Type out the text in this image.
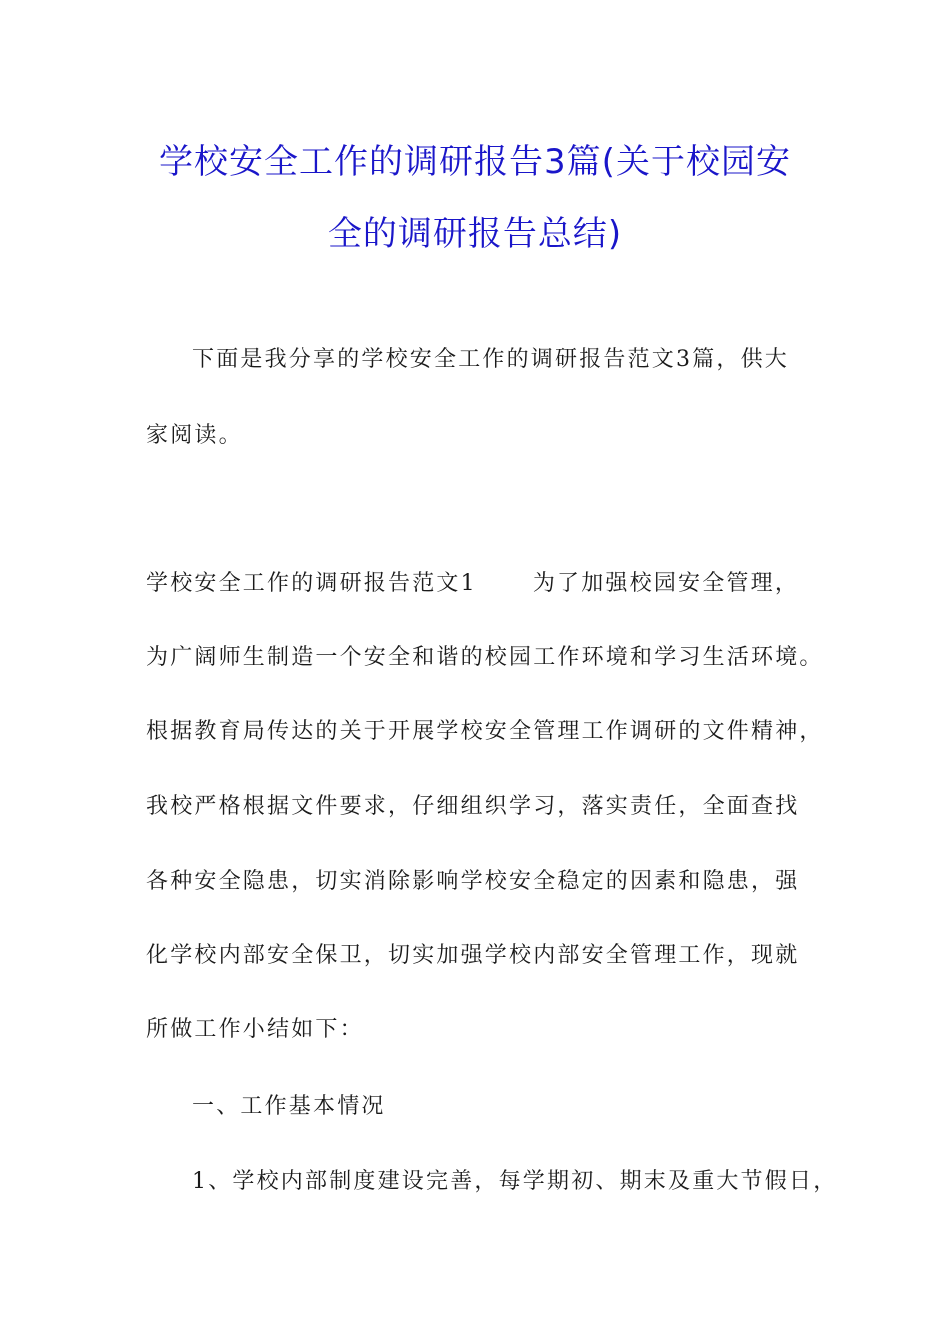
学校安全工作的调研报告3篇(关于校园安
全的调研报告总结)

下面是我分享的学校安全工作的调研报告范文3篇，供大

家阅读。

学校安全工作的调研报告范文1	为了加强校园安全管理，

为广阔师生制造一个安全和谐的校园工作环境和学习生活环境。

根据教育局传达的关于开展学校安全管理工作调研的文件精神，

我校严格根据文件要求，仔细组织学习，落实责任，全面查找

各种安全隐患，切实消除影响学校安全稳定的因素和隐患，强

化学校内部安全保卫，切实加强学校内部安全管理工作，现就

所做工作小结如下：

一、工作基本情况

1、学校内部制度建设完善，每学期初、期末及重大节假日，
